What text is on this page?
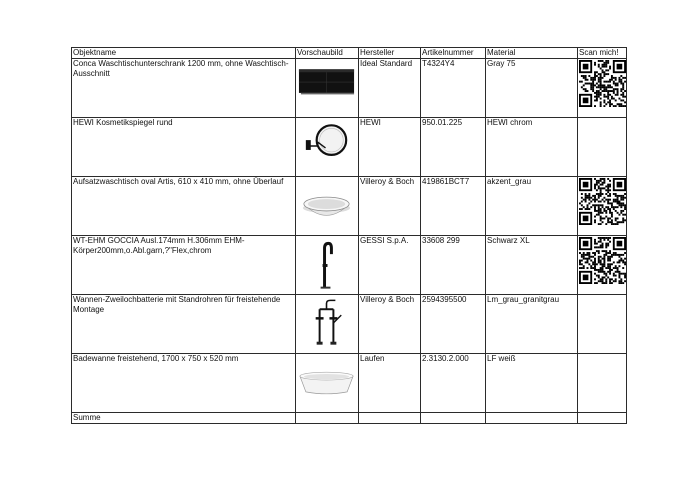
Objektname	Vorschaubild	Hersteller	Artikelnummer	Material	Scan mich!
Conca Waschtischunterschrank 1200 mm, ohne Waschtisch-Ausschnitt		Ideal Standard	T4324Y4	Gray 75	

HEWI Kosmetikspiegel rund		HEWI	950.01.225	HEWI chrom	
Aufsatzwaschtisch oval Artis, 610 x 410 mm, ohne Überlauf		Villeroy & Boch	419861BCT7	akzent_grau	

WT-EHM GOCCIA Ausl.174mm H.306mm EHM-Körper200mm,o.Abl.garn,?"Flex,chrom		GESSI S.p.A.	33608 299	Schwarz XL	

Wannen-Zweilochbatterie mit Standrohren für freistehende Montage		Villeroy & Boch	2594395500	Lm_grau_granitgrau	
Badewanne freistehend, 1700 x 750 x 520 mm		Laufen	2.3130.2.000	LF weiß	
Summe					
